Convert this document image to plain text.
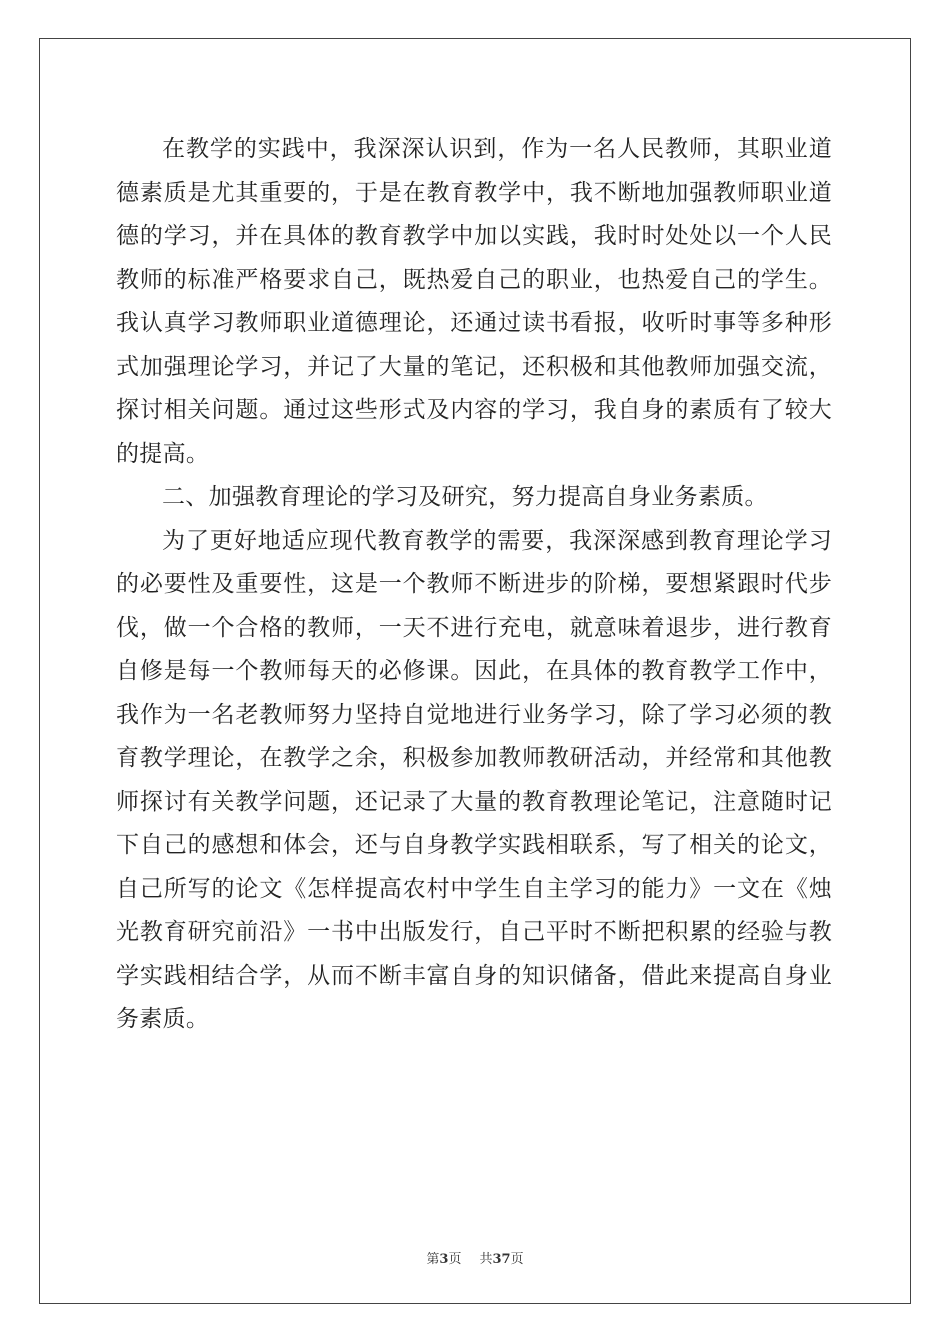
在教学的实践中，我深深认识到，作为一名人民教师，其职业道德素质是尤其重要的，于是在教育教学中，我不断地加强教师职业道德的学习，并在具体的教育教学中加以实践，我时时处处以一个人民教师的标准严格要求自己，既热爱自己的职业，也热爱自己的学生。我认真学习教师职业道德理论，还通过读书看报，收听时事等多种形式加强理论学习，并记了大量的笔记，还积极和其他教师加强交流，探讨相关问题。通过这些形式及内容的学习，我自身的素质有了较大的提高。

二、加强教育理论的学习及研究，努力提高自身业务素质。

为了更好地适应现代教育教学的需要，我深深感到教育理论学习的必要性及重要性，这是一个教师不断进步的阶梯，要想紧跟时代步伐，做一个合格的教师，一天不进行充电，就意味着退步，进行教育自修是每一个教师每天的必修课。因此，在具体的教育教学工作中，我作为一名老教师努力坚持自觉地进行业务学习，除了学习必须的教育教学理论，在教学之余，积极参加教师教研活动，并经常和其他教师探讨有关教学问题，还记录了大量的教育教理论笔记，注意随时记下自己的感想和体会，还与自身教学实践相联系，写了相关的论文，自己所写的论文《怎样提高农村中学生自主学习的能力》一文在《烛光教育研究前沿》一书中出版发行，自己平时不断把积累的经验与教学实践相结合学，从而不断丰富自身的知识储备，借此来提高自身业务素质。

第3页 共37页
